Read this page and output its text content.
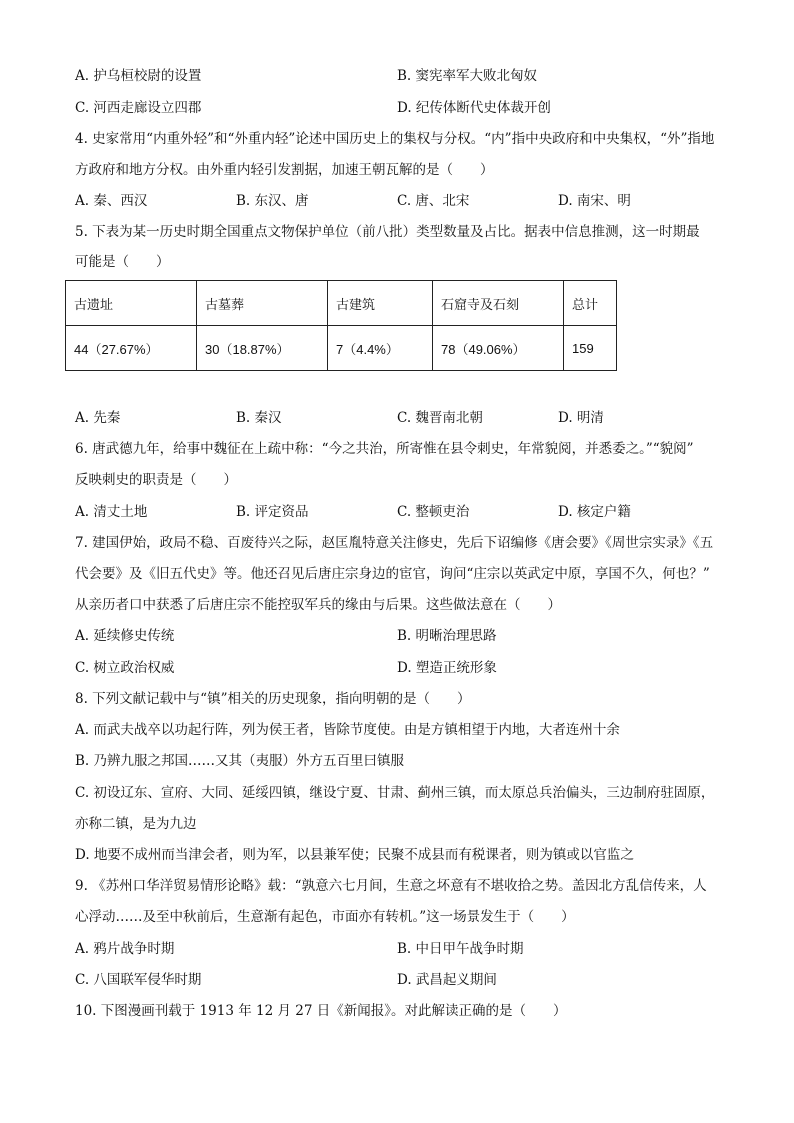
A. 护乌桓校尉的设置	B. 窦宪率军大败北匈奴
C. 河西走廊设立四郡	D. 纪传体断代史体裁开创
4. 史家常用“内重外轻”和“外重内轻”论述中国历史上的集权与分权。“内”指中央政府和中央集权，“外”指地
方政府和地方分权。由外重内轻引发割据，加速王朝瓦解的是（　　）
A. 秦、西汉	B. 东汉、唐	C. 唐、北宋	D. 南宋、明
5. 下表为某一历史时期全国重点文物保护单位（前八批）类型数量及占比。据表中信息推测，这一时期最
可能是（　　）
古遗址	古墓葬	古建筑	石窟寺及石刻	总计
44（27.67%）	30（18.87%）	7（4.4%）	78（49.06%）	159
A. 先秦	B. 秦汉	C. 魏晋南北朝	D. 明清
6. 唐武德九年，给事中魏征在上疏中称：“今之共治，所寄惟在县令刺史，年常貌阅，并悉委之。”“貌阅”
反映刺史的职责是（　　）
A. 清丈土地	B. 评定资品	C. 整顿吏治	D. 核定户籍
7. 建国伊始，政局不稳、百废待兴之际，赵匡胤特意关注修史，先后下诏编修《唐会要》《周世宗实录》《五
代会要》及《旧五代史》等。他还召见后唐庄宗身边的宦官，询问“庄宗以英武定中原，享国不久，何也？”
从亲历者口中获悉了后唐庄宗不能控驭军兵的缘由与后果。这些做法意在（　　）
A. 延续修史传统	B. 明晰治理思路
C. 树立政治权威	D. 塑造正统形象
8. 下列文献记载中与“镇”相关的历史现象，指向明朝的是（　　）
A. 而武夫战卒以功起行阵，列为侯王者，皆除节度使。由是方镇相望于内地，大者连州十余
B. 乃辨九服之邦国……又其（夷服）外方五百里曰镇服
C. 初设辽东、宣府、大同、延绥四镇，继设宁夏、甘肃、蓟州三镇，而太原总兵治偏头，三边制府驻固原，
亦称二镇，是为九边
D. 地要不成州而当津会者，则为军，以县兼军使；民聚不成县而有税课者，则为镇或以官监之
9. 《苏州口华洋贸易情形论略》载：“孰意六七月间，生意之坏意有不堪收拾之势。盖因北方乱信传来，人
心浮动……及至中秋前后，生意渐有起色，市面亦有转机。”这一场景发生于（　　）
A. 鸦片战争时期	B. 中日甲午战争时期
C. 八国联军侵华时期	D. 武昌起义期间
10. 下图漫画刊载于 1913 年 12 月 27 日《新闻报》。对此解读正确的是（　　）
